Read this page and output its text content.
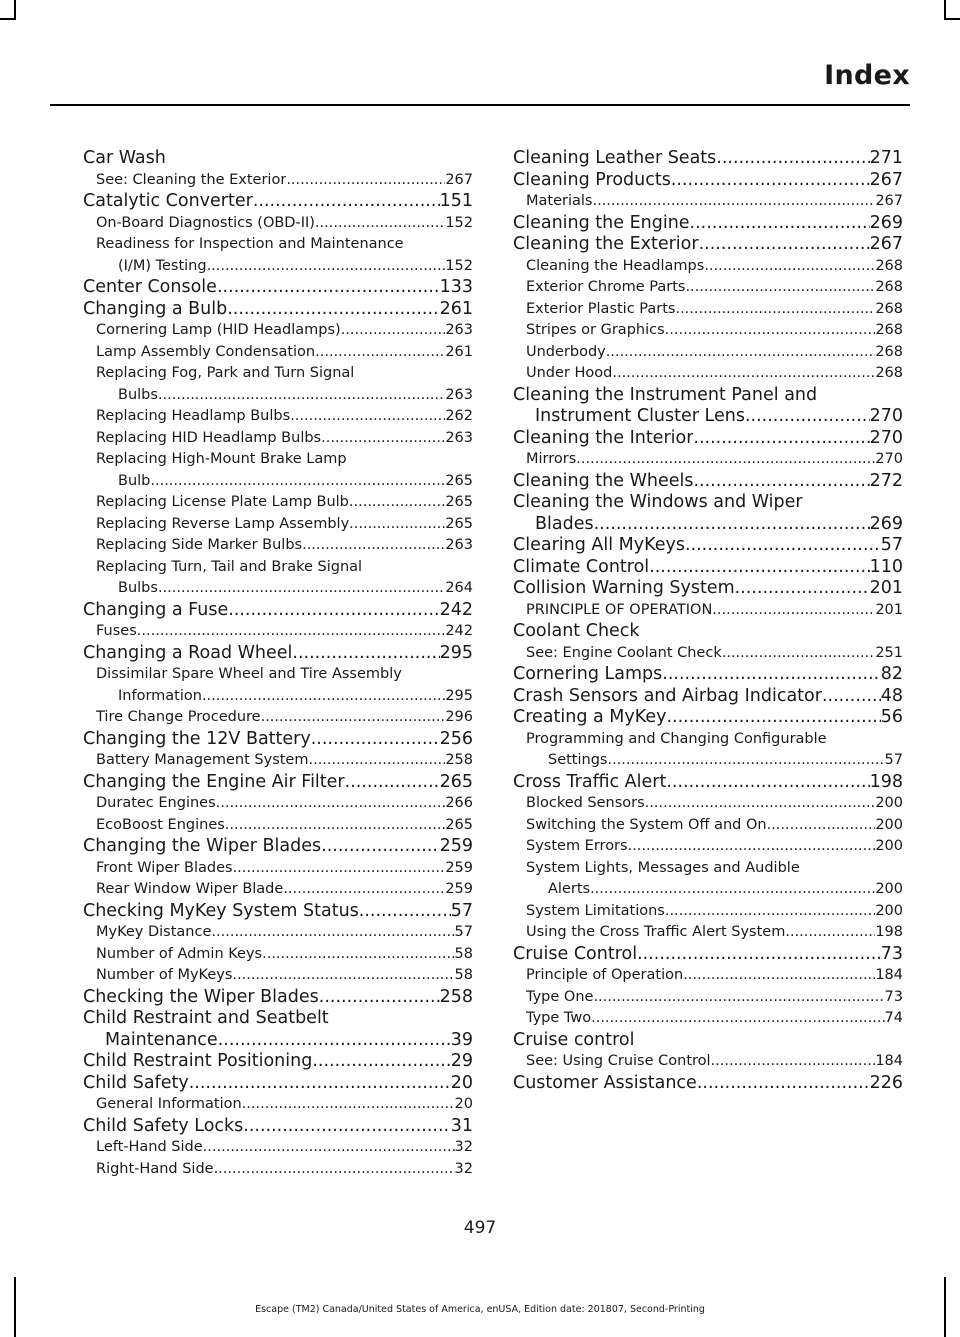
Index
Car Wash
See: Cleaning the Exterior .....	267
Catalytic Converter .....	151
On-Board Diagnostics (OBD-II) .....	152
Readiness for Inspection and Maintenance
(I/M) Testing .....	152
Center Console .....	133
Changing a Bulb .....	261
Cornering Lamp (HID Headlamps) .....	263
Lamp Assembly Condensation .....	261
Replacing Fog, Park and Turn Signal
Bulbs .....	263
Replacing Headlamp Bulbs .....	262
Replacing HID Headlamp Bulbs .....	263
Replacing High-Mount Brake Lamp
Bulb .....	265
Replacing License Plate Lamp Bulb .....	265
Replacing Reverse Lamp Assembly .....	265
Replacing Side Marker Bulbs .....	263
Replacing Turn, Tail and Brake Signal
Bulbs .....	264
Changing a Fuse .....	242
Fuses .....	242
Changing a Road Wheel .....	295
Dissimilar Spare Wheel and Tire Assembly
Information .....	295
Tire Change Procedure .....	296
Changing the 12V Battery .....	256
Battery Management System .....	258
Changing the Engine Air Filter .....	265
Duratec Engines .....	266
EcoBoost Engines .....	265
Changing the Wiper Blades .....	259
Front Wiper Blades .....	259
Rear Window Wiper Blade .....	259
Checking MyKey System Status .....	57
MyKey Distance .....	57
Number of Admin Keys .....	58
Number of MyKeys .....	58
Checking the Wiper Blades .....	258
Child Restraint and Seatbelt
Maintenance .....	39
Child Restraint Positioning .....	29
Child Safety .....	20
General Information .....	20
Child Safety Locks .....	31
Left-Hand Side .....	32
Right-Hand Side .....	32
Cleaning Leather Seats .....	271
Cleaning Products .....	267
Materials .....	267
Cleaning the Engine .....	269
Cleaning the Exterior .....	267
Cleaning the Headlamps .....	268
Exterior Chrome Parts .....	268
Exterior Plastic Parts .....	268
Stripes or Graphics .....	268
Underbody .....	268
Under Hood .....	268
Cleaning the Instrument Panel and
Instrument Cluster Lens .....	270
Cleaning the Interior .....	270
Mirrors .....	270
Cleaning the Wheels .....	272
Cleaning the Windows and Wiper
Blades .....	269
Clearing All MyKeys .....	57
Climate Control .....	110
Collision Warning System .....	201
PRINCIPLE OF OPERATION .....	201
Coolant Check
See: Engine Coolant Check .....	251
Cornering Lamps .....	82
Crash Sensors and Airbag Indicator .....	48
Creating a MyKey .....	56
Programming and Changing Configurable
Settings .....	57
Cross Traffic Alert .....	198
Blocked Sensors .....	200
Switching the System Off and On .....	200
System Errors .....	200
System Lights, Messages and Audible
Alerts .....	200
System Limitations .....	200
Using the Cross Traffic Alert System .....	198
Cruise Control .....	73
Principle of Operation .....	184
Type One .....	73
Type Two .....	74
Cruise control
See: Using Cruise Control .....	184
Customer Assistance .....	226
497
Escape (TM2) Canada/United States of America, enUSA, Edition date: 201807, Second-Printing
